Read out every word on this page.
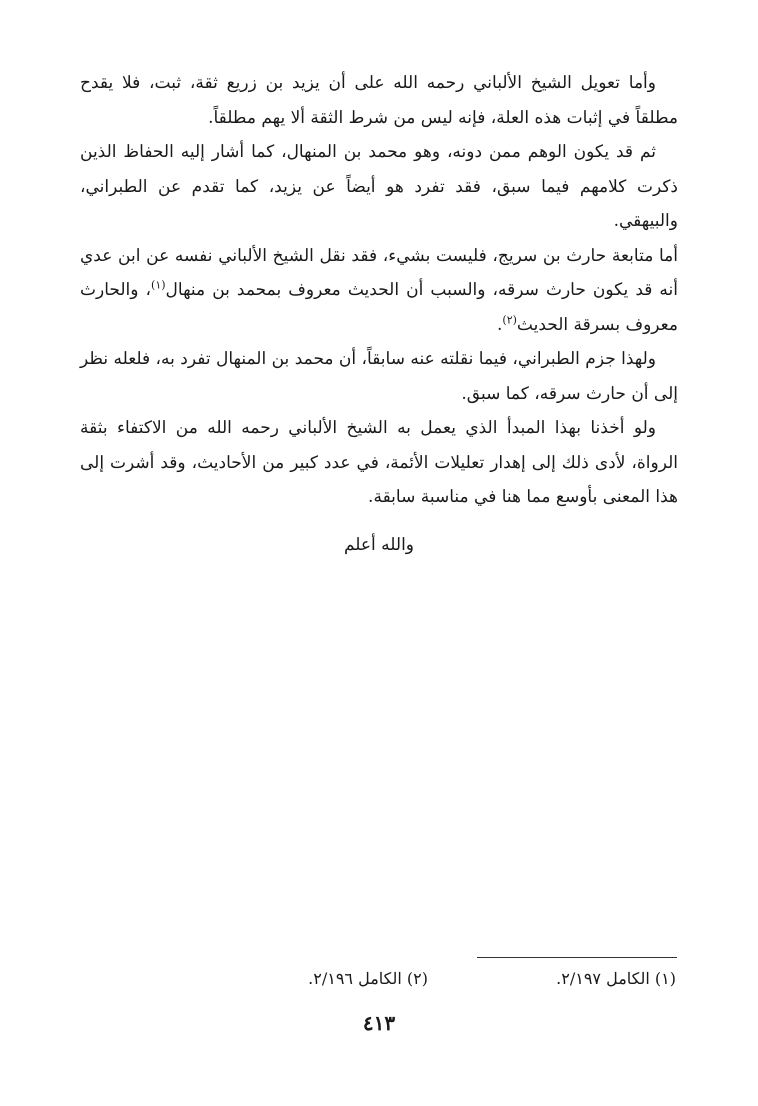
وأما تعويل الشيخ الألباني رحمه الله على أن يزيد بن زريع ثقة، ثبت، فلا يقدح مطلقاً في إثبات هذه العلة، فإنه ليس من شرط الثقة ألا يهم مطلقاً.

ثم قد يكون الوهم ممن دونه، وهو محمد بن المنهال، كما أشار إليه الحفاظ الذين ذكرت كلامهم فيما سبق، فقد تفرد هو أيضاً عن يزيد، كما تقدم عن الطبراني، والبيهقي.

أما متابعة حارث بن سريج، فليست بشيء، فقد نقل الشيخ الألباني نفسه عن ابن عدي أنه قد يكون حارث سرقه، والسبب أن الحديث معروف بمحمد بن منهال$^{(١)}$، والحارث معروف بسرقة الحديث$^{(٢)}$.

ولهذا جزم الطبراني، فيما نقلته عنه سابقاً، أن محمد بن المنهال تفرد به، فلعله نظر إلى أن حارث سرقه، كما سبق.

ولو أخذنا بهذا المبدأ الذي يعمل به الشيخ الألباني رحمه الله من الاكتفاء بثقة الرواة، لأدى ذلك إلى إهدار تعليلات الأئمة، في عدد كبير من الأحاديث، وقد أشرت إلى هذا المعنى بأوسع مما هنا في مناسبة سابقة.

والله أعلم
(١) الكامل ٢/١٩٧.
(٢) الكامل ٢/١٩٦.
٤١٣
